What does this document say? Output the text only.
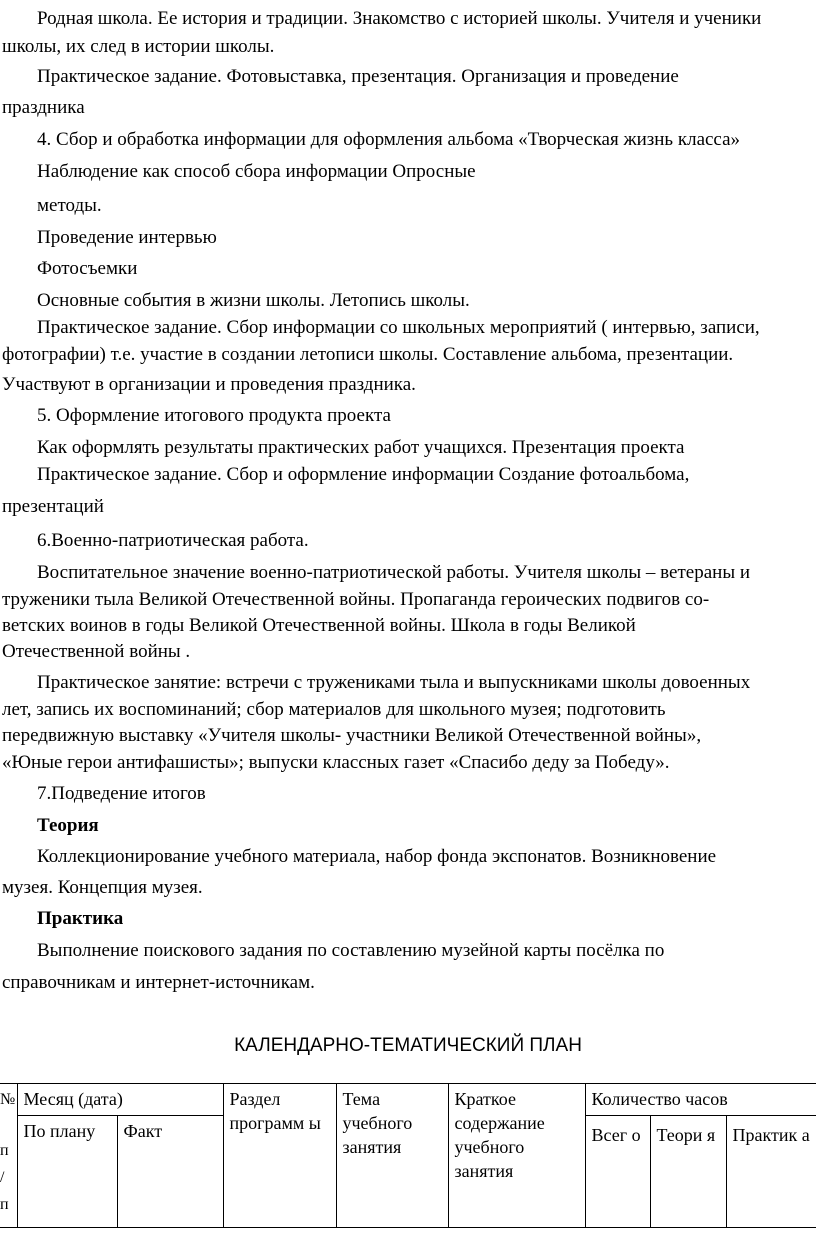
Родная школа. Ее история и традиции. Знакомство с историей школы. Учителя и ученики
школы, их след в истории школы.
Практическое задание. Фотовыставка, презентация. Организация и проведение
праздника
4. Сбор и обработка информации для оформления альбома «Творческая жизнь класса»
Наблюдение как способ сбора информации Опросные
методы.
Проведение интервью
Фотосъемки
Основные события в жизни школы. Летопись школы.
Практическое задание. Сбор информации со школьных мероприятий ( интервью, записи,
фотографии) т.е. участие в создании летописи школы. Составление альбома, презентации.
Участвуют в организации и проведения праздника.
5. Оформление итогового продукта проекта
Как оформлять результаты практических работ учащихся. Презентация проекта
Практическое задание. Сбор и оформление информации Создание фотоальбома,
презентаций
6.Военно-патриотическая работа.
Воспитательное значение военно-патриотической работы. Учителя школы – ветераны и
труженики тыла Великой Отечественной войны. Пропаганда героических подвигов со-
ветских воинов в годы Великой Отечественной войны. Школа в годы Великой
Отечественной войны .
Практическое занятие: встречи с тружениками тыла и выпускниками школы довоенных
лет, запись их воспоминаний; сбор материалов для школьного музея; подготовить
передвижную выставку «Учителя школы- участники Великой Отечественной войны»,
«Юные герои антифашисты»; выпуски классных газет «Спасибо деду за Победу».
7.Подведение итогов
Теория
Коллекционирование учебного материала, набор фонда экспонатов. Возникновение
музея. Концепция музея.
Практика
Выполнение поискового задания по составлению музейной карты посёлка по
справочникам и интернет-источникам.
КАЛЕНДАРНО-ТЕМАТИЧЕСКИЙ ПЛАН
№
п
/
п	Месяц (дата)		Раздел программ ы	Тема учебного занятия	Краткое содержание учебного занятия	Количество часов		
	По плану	Факт				Всег о	Теори я	Практик а
